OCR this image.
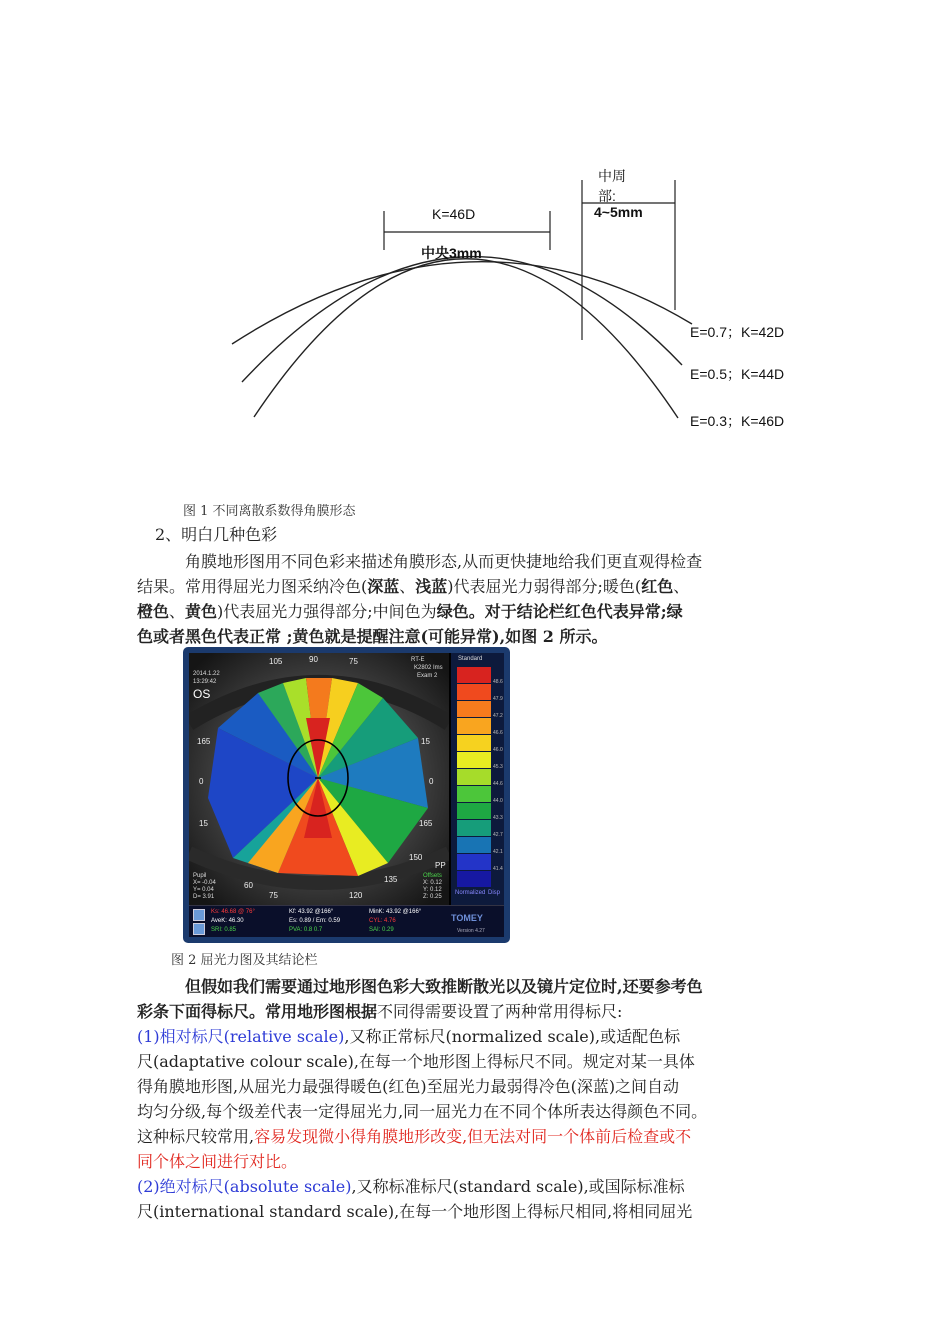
K=46D
中央3mm
中周
部:
4~5mm
E=0.7；K=42D
E=0.5；K=44D
E=0.3；K=46D
图 1 不同离散系数得角膜形态
2、明白几种色彩
角膜地形图用不同色彩来描述角膜形态,从而更快捷地给我们更直观得检查
结果。常用得屈光力图采纳冷色(深蓝、浅蓝)代表屈光力弱得部分;暖色(红色、
橙色、黄色)代表屈光力强得部分;中间色为绿色。对于结论栏红色代表异常;绿
色或者黑色代表正常 ;黄色就是提醒注意(可能异常),如图 2 所示。
2014.1.22
13:29:42
OS
RT-E
K2802 Ims
Exam 2
105	90	75
165	15
0	0
15	165
150
135
120
75
60
PP
Pupil
X= -0.04
Y= 0.04
D= 3.91
Offsets
X: 0.12
Y: 0.12
Z: 0.25
Standard
48.6
47.9
47.2
46.6
46.0
45.3
44.6
44.0
43.3
42.7
42.1
41.4
Normalized Disp
Ks: 46.68 @ 76°	Kf: 43.92 @166°	MinK: 43.92 @166°
AveK: 46.30	Es: 0.89 / Em: 0.59	CYL: 4.76
SRI: 0.85	PVA: 0.8 0.7	SAI: 0.29
TOMEY
Version 4.27
图 2 屈光力图及其结论栏
但假如我们需要通过地形图色彩大致推断散光以及镜片定位时,还要参考色
彩条下面得标尺。常用地形图根据不同得需要设置了两种常用得标尺:
(1)相对标尺(relative scale),又称正常标尺(normalized scale),或适配色标
尺(adaptative colour scale),在每一个地形图上得标尺不同。规定对某一具体
得角膜地形图,从屈光力最强得暖色(红色)至屈光力最弱得冷色(深蓝)之间自动
均匀分级,每个级差代表一定得屈光力,同一屈光力在不同个体所表达得颜色不同。
这种标尺较常用,容易发现微小得角膜地形改变,但无法对同一个体前后检查或不
同个体之间进行对比。
(2)绝对标尺(absolute scale),又称标准标尺(standard scale),或国际标准标
尺(international standard scale),在每一个地形图上得标尺相同,将相同屈光
